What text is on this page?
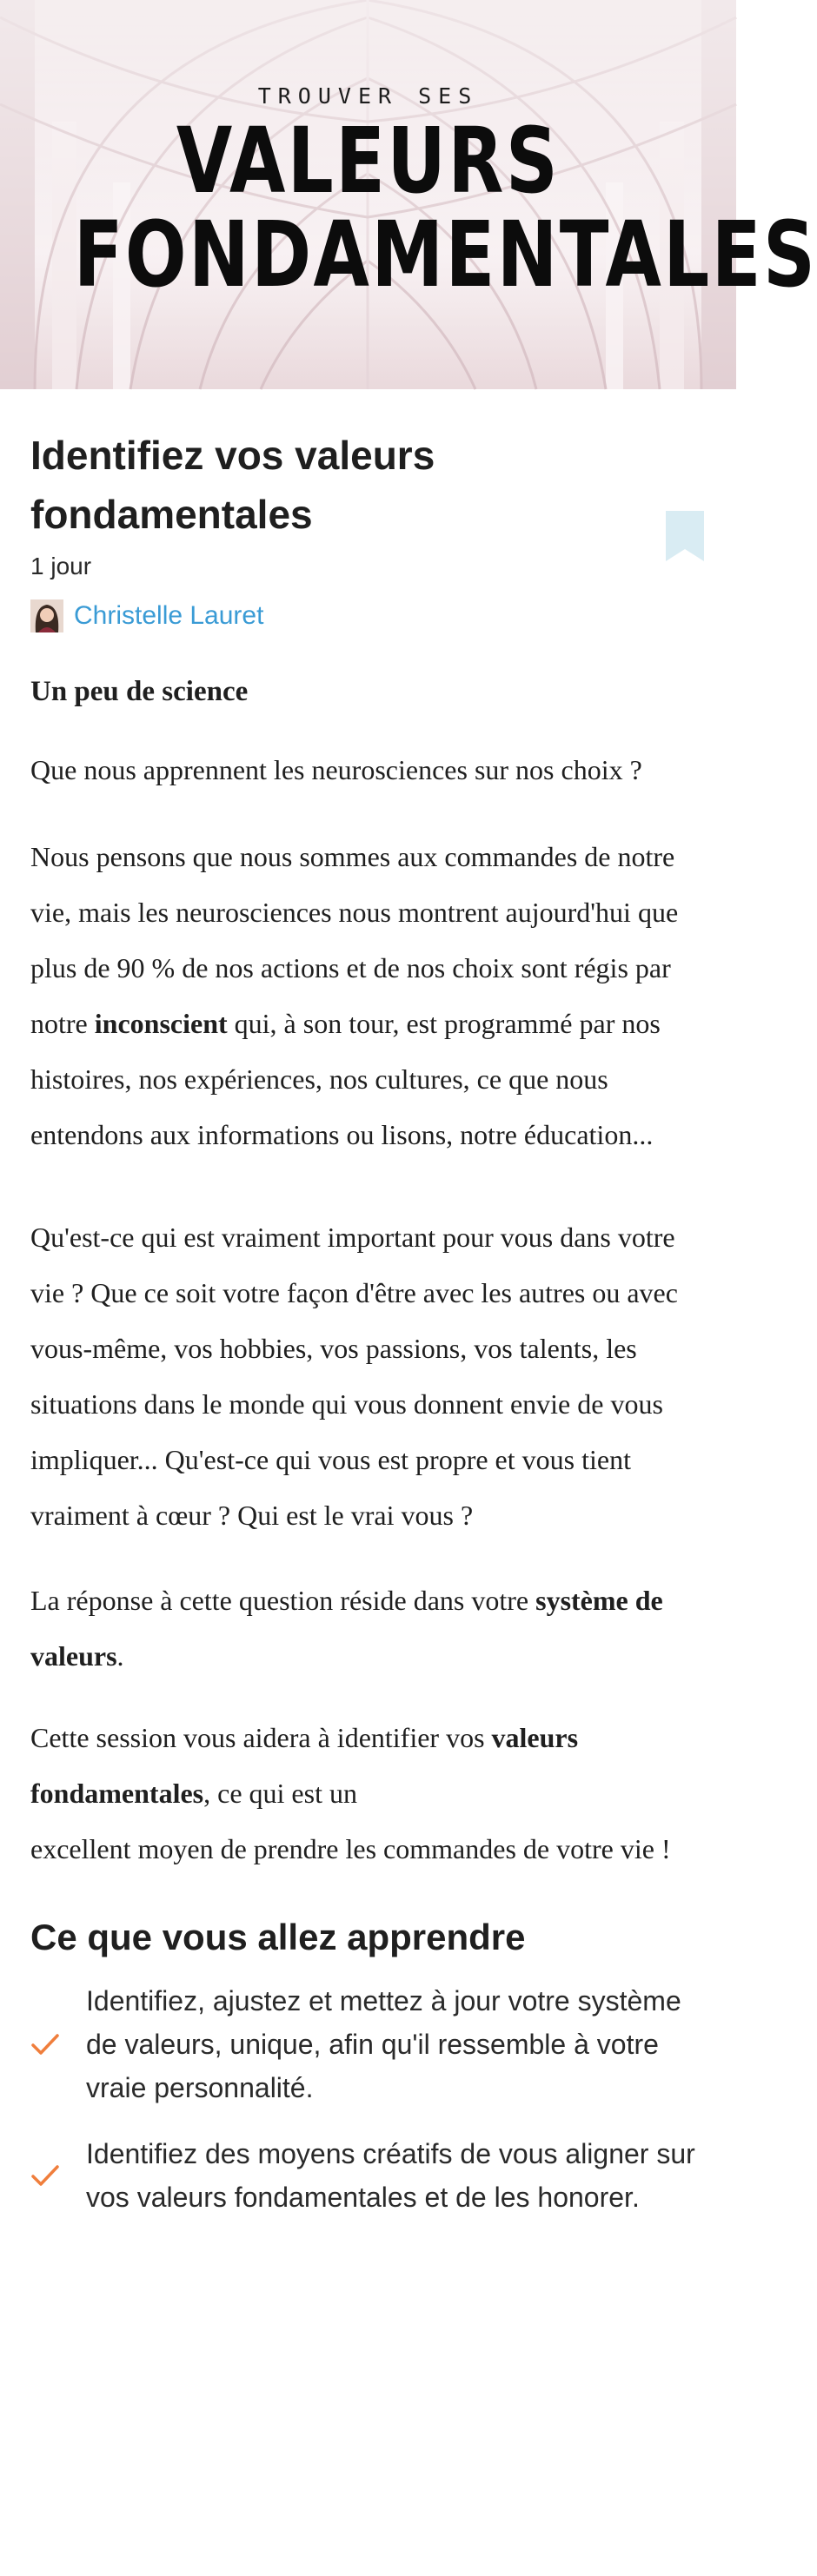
TROUVER SES
VALEURS
FONDAMENTALES
Identifiez vos valeurs fondamentales
1 jour
Christelle Lauret
Un peu de science

Que nous apprennent les neurosciences sur nos choix ?

Nous pensons que nous sommes aux commandes de notre vie, mais les neurosciences nous montrent aujourd'hui que plus de 90 % de nos actions et de nos choix sont régis par notre inconscient qui, à son tour, est programmé par nos histoires, nos expériences, nos cultures, ce que nous entendons aux informations ou lisons, notre éducation...

Qu'est-ce qui est vraiment important pour vous dans votre vie ? Que ce soit votre façon d'être avec les autres ou avec vous-même, vos hobbies, vos passions, vos talents, les situations dans le monde qui vous donnent envie de vous impliquer... Qu'est-ce qui vous est propre et vous tient vraiment à cœur ? Qui est le vrai vous ?

La réponse à cette question réside dans votre système de valeurs.

Cette session vous aidera à identifier vos valeurs fondamentales, ce qui est un
excellent moyen de prendre les commandes de votre vie !

Ce que vous allez apprendre
Identifiez, ajustez et mettez à jour votre système de valeurs, unique, afin qu'il ressemble à votre vraie personnalité.
Identifiez des moyens créatifs de vous aligner sur vos valeurs fondamentales et de les honorer.
